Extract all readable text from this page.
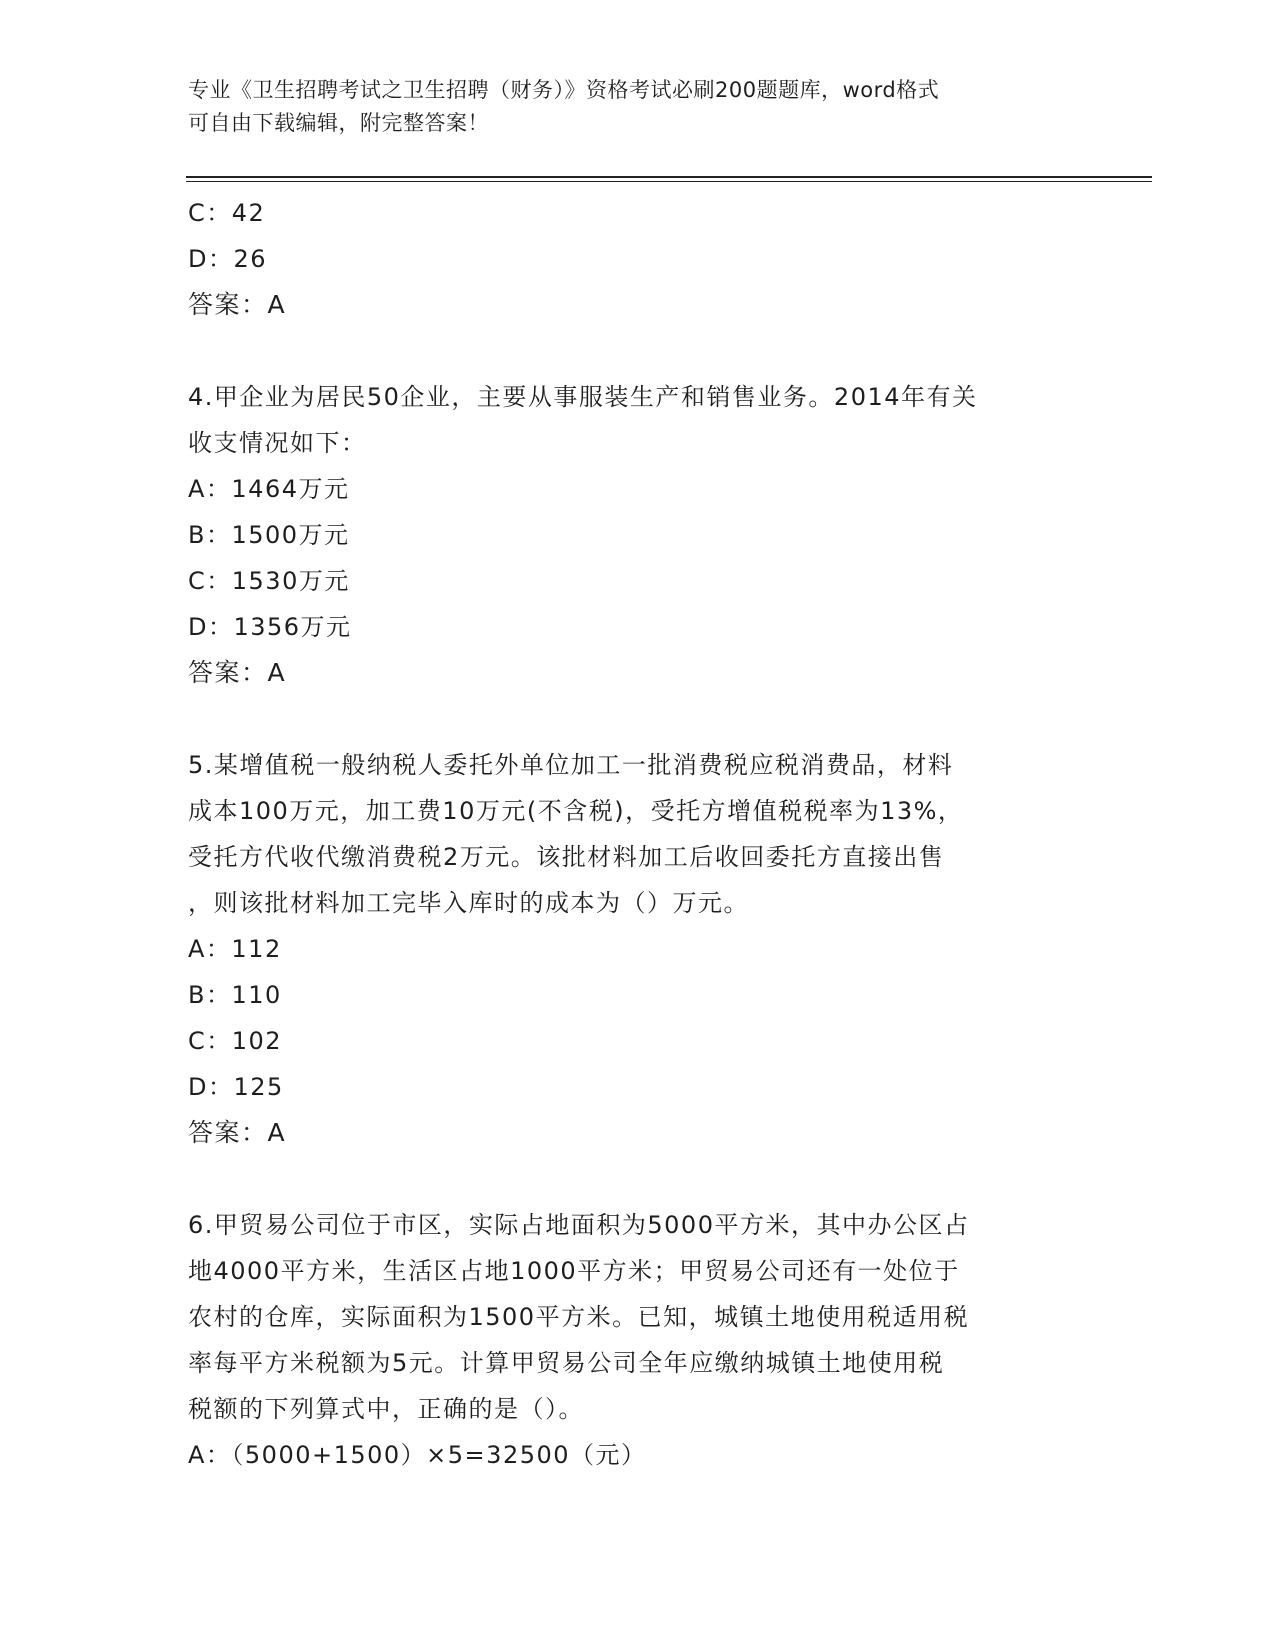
专业《卫生招聘考试之卫生招聘（财务）》资格考试必刷200题题库，word格式
可自由下载编辑，附完整答案！
C：42
D：26
答案：A
4.甲企业为居民50企业，主要从事服装生产和销售业务。2014年有关
收支情况如下：
A：1464万元
B：1500万元
C：1530万元
D：1356万元
答案：A
5.某增值税一般纳税人委托外单位加工一批消费税应税消费品，材料
成本100万元，加工费10万元(不含税)，受托方增值税税率为13%，
受托方代收代缴消费税2万元。该批材料加工后收回委托方直接出售
，则该批材料加工完毕入库时的成本为（）万元。
A：112
B：110
C：102
D：125
答案：A
6.甲贸易公司位于市区，实际占地面积为5000平方米，其中办公区占
地4000平方米，生活区占地1000平方米；甲贸易公司还有一处位于
农村的仓库，实际面积为1500平方米。已知，城镇土地使用税适用税
率每平方米税额为5元。计算甲贸易公司全年应缴纳城镇土地使用税
税额的下列算式中，正确的是（）。
A：（5000+1500）×5=32500（元）
